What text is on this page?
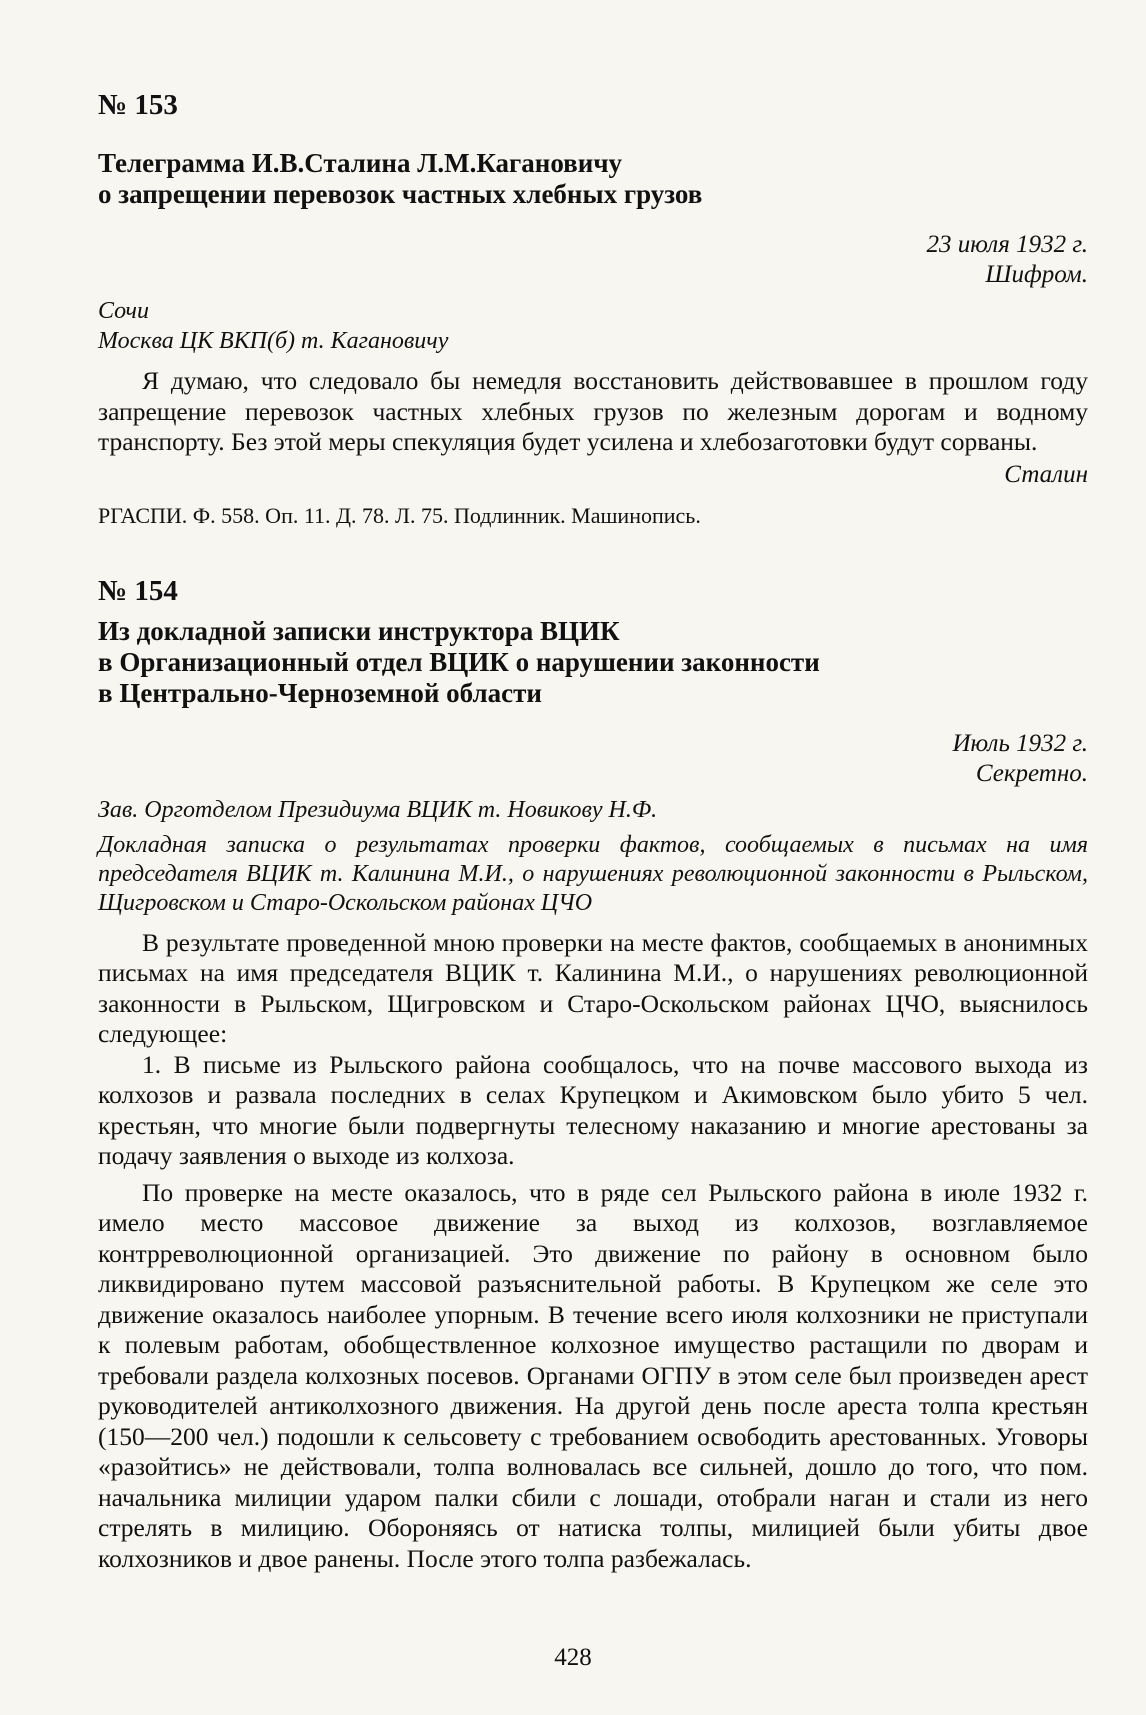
№ 153
Телеграмма И.В.Сталина Л.М.Кагановичу
о запрещении перевозок частных хлебных грузов
23 июля 1932 г.
Шифром.
Сочи
Москва ЦК ВКП(б) т. Кагановичу

Я думаю, что следовало бы немедля восстановить действовавшее в прошлом году запрещение перевозок частных хлебных грузов по железным дорогам и водному транспорту. Без этой меры спекуляция будет усилена и хлебозаготовки будут сорваны.

Сталин
РГАСПИ. Ф. 558. Оп. 11. Д. 78. Л. 75. Подлинник. Машинопись.
№ 154
Из докладной записки инструктора ВЦИК
в Организационный отдел ВЦИК о нарушении законности
в Центрально-Черноземной области
Июль 1932 г.
Секретно.
Зав. Орготделом Президиума ВЦИК т. Новикову Н.Ф.
Докладная записка о результатах проверки фактов, сообщаемых в письмах на имя председателя ВЦИК т. Калинина М.И., о нарушениях революционной законности в Рыльском, Щигровском и Старо-Оскольском районах ЦЧО

В результате проведенной мною проверки на месте фактов, сообщаемых в анонимных письмах на имя председателя ВЦИК т. Калинина М.И., о нарушениях революционной законности в Рыльском, Щигровском и Старо-Оскольском районах ЦЧО, выяснилось следующее:

1. В письме из Рыльского района сообщалось, что на почве массового выхода из колхозов и развала последних в селах Крупецком и Акимовском было убито 5 чел. крестьян, что многие были подвергнуты телесному наказанию и многие арестованы за подачу заявления о выходе из колхоза.

По проверке на месте оказалось, что в ряде сел Рыльского района в июле 1932 г. имело место массовое движение за выход из колхозов, возглавляемое контрреволюционной организацией. Это движение по району в основном было ликвидировано путем массовой разъяснительной работы. В Крупецком же селе это движение оказалось наиболее упорным. В течение всего июля колхозники не приступали к полевым работам, обобществленное колхозное имущество растащили по дворам и требовали раздела колхозных посевов. Органами ОГПУ в этом селе был произведен арест руководителей антиколхозного движения. На другой день после ареста толпа крестьян (150—200 чел.) подошли к сельсовету с требованием освободить арестованных. Уговоры «разойтись» не действовали, толпа волновалась все сильней, дошло до того, что пом. начальника милиции ударом палки сбили с лошади, отобрали наган и стали из него стрелять в милицию. Обороняясь от натиска толпы, милицией были убиты двое колхозников и двое ранены. После этого толпа разбежалась.

428
